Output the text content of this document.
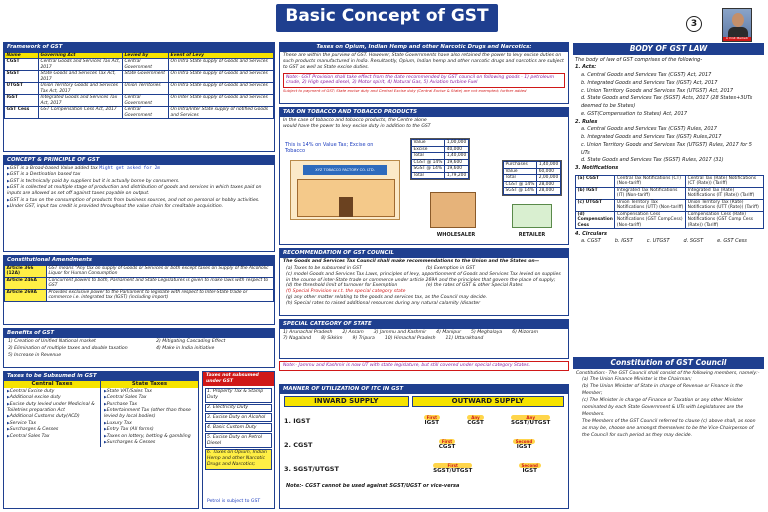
Basic Concept of GST	3
A Vinit Marketr
Framework of GST
Name	Governing Act	Levied by	Event of Levy
CGST	Central Goods and Services Tax Act, 2017	Central Government	On Intra State supply of Goods and Services
SGST	State Goods and Services Tax Act, 2017	State Government	On Intra State supply of Goods and Services
UTGST	Union Territory Goods and Services Tax Act, 2017	Union Territories	On Intra State supply of Goods and Services
IGST	Integrated Goods and Services Tax Act, 2017	Central Government	On Inter State supply of Goods and Services
GST Cess	GST Compensation Cess Act, 2017	Central Government	On Intra/Inter State supply of notified Goods and Services
CONCEPT & PRINCIPLE OF GST
▶ GST is a Broad-based Value added tax Might get asked for 2m
▶ GST is a Destination based tax
▶ GST is technically paid by suppliers but it is actually borne by consumers.
▶ GST is collected at multiple stage of production and distribution of goods and services in which taxes paid on inputs are allowed as set off against taxes payable on output.
▶ GST is a tax on the consumption of products from business sources, and not on personal or hobby activities.
▶ Under GST, input tax credit is provided throughout the value chain for creditable acquisition.
Constitutional Amendments
Article 366 (12A)	GST means "Any tax on supply of Goods or Services or both except taxes on Supply of the Alcoholic Liquor for Human Consumption
Article 246A	Concurrent powers to both, Parliament and State Legislatures is given to make laws with respect to GST
Article 269A	Provides exclusive power to the Parliament to legislate with respect to Inter-State trade or commerce i.e. integrated tax (IGST) (including import)
Benefits of GST
1) Creation of Unified National market	2) Mitigating Cascading Effect
3) Elimination of multiple taxes and double taxation	4) Make in India initiative
5) Increase in Revenue
Taxes to be Subsumed in GST
Central Taxes
▶ Central Excise duty
▶ Additional excise duty
▶ Excise duty levied under Medicinal & Toiletries preparation Act
▶ Additional Customs duty(ACD)
▶ Service Tax
▶ Surcharges & Cesses
▶ Central Sales Tax
State Taxes
▶ State VAT/Sales Tax
▶ Central Sales Tax
▶ Purchase Tax
▶ Entertainment Tax (other than those levied by local bodies)
▶ Luxury Tax
▶ Entry Tax (All forms)
▶ Taxes on lottery, betting & gambling
▶ Surcharges & Cesses
Taxes not subsumed under GST
1. Property Tax & Stamp Duty
2. Electricity Duty
3. Excise Duty on Alcohol
4. Basic Custom Duty
5. Excise Duty on Petrol Diesel
6. Taxes on Opium, Indian Hemp and other Narcotic Drugs and Narcotics;
Petrol is subject to GST
Taxes on Opium, Indian Hemp and other Narcotic Drugs and Narcotics:
These are within the purview of GST. However, State Governments have also retained the power to levy excise duties on such products manufactured in India. Resultantly, Opium, Indian hemp and other narcotic drugs and narcotics are subject to GST as well as State excise duties.
Note:- GST Provision shall take effect from the date recommended by GST council on following goods - 1) petroleum crude, 2) High speed diesel, 3) Motor spirit, 4) Natural Gas, 5) Aviation turbine Fuel
Subject to payment of GST; State excise duty and Central Excise duty (Central Excise & State) are not exempted; further added
TAX ON TOBACCO AND TOBACCO PRODUCTS
In the case of tobacco and tobacco products, the Centre alone would have the power to levy excise duty in addition to the GST
This is 14% on Value Tax; Excise on Tobacco
XYZ TOBACCO FACTORY CO. LTD.
Value	1,00,000
Excise	40,000
Total	1,40,000
CGST @ 14%	19,600
SGST @ 14%	19,600
Total	1,79,200
WHOLESALER
Purchases	1,40,000
Value	60,000
Total	2,00,000
CGST @ 14%	28,000
SGST @ 14%	28,000
RETAILER
RECOMMENDATION OF GST COUNCIL
The Goods and Services Tax Council shall make recommendations to the Union and the States on—
(a) Taxes to be subsumed in GST	(b) Exemption in GST
(c) model Goods and Services Tax Laws, principles of levy, apportionment of Goods and Services Tax levied on supplies in the course of inter-State trade or commerce under article 269A and the principles that govern the place of supply;
(d) the threshold limit of turnover for Exemption	(e) the rates of GST & other Special Rates
(f) Special Provision w.r.t. the special category state
(g) any other matter relating to the goods and services tax, as the Council may decide.
(h) Special rates to raised additional resources during any natural calamity /disaster
SPECIAL CATEGORY OF STATE
1) Arunachal Pradesh 2) Assam 3) Jammu and Kashmir 4) Manipur 5) Meghalaya 6) Mizoram
7) Nagaland 8) Sikkim 9) Tripura 10) Himachal Pradesh 11) Uttarakhand
Note:- Jammu and Kashmir is now UT with state legislature, but still covered under special category States.
MANNER OF UTILIZATION OF ITC IN GST
INWARD SUPPLY	OUTWARD SUPPLY
1. IGST	First
IGST
Any
CGST
Any
SGST/UTGST
2. CGST	First
CGST
Second
IGST
3. SGST/UTGST	First
SGST/UTGST
Second
IGST
Note:- CGST cannot be used against SGST/UGST or vice-versa
BODY OF GST LAW
The body of law of GST comprises of the following-
1. Acts:
a. Central Goods and Services Tax (CGST) Act, 2017
b. Integrated Goods and Services Tax (IGST) Act, 2017
c. Union Territory Goods and Services Tax (UTGST) Act, 2017
d. State Goods and Services Tax (SGST) Acts, 2017 (28 States+3UTs deemed to be States)
e. GST(Compensation to States) Act, 2017
2. Rules
a. Central Goods and Services Tax (CGST) Rules, 2017
b. Integrated Goods and Services Tax (IGST) Rules,2017
c. Union Territory Goods and Services Tax (UTGST) Rules, 2017 for 5 UTs
d. State Goods and Services Tax (SGST) Rules, 2017 (31)
3. Notifications
(a) CGST	Central Tax Notifications (CT) (Non-tariff)	Central Tax (Rate) Notifications (CT (Rate)) (Tariff)
(b) IGST	Integrated Tax Notifications (IT) (Non-tariff)	Integrated Tax (Rate) Notifications (IT (Rate)) (Tariff)
(c) UTGST	Union Territory Tax Notifications (UTT) (Non-tariff)	Union Territory Tax (Rate) Notifications (UTT (Rate)) (Tariff)
(d) Compensation Cess	Compensation Cess Notifications (GST CompCess) (Non-tariff)	Compensation Cess (Rate) Notifications (GST Comp Cess (Rate)) (Tariff)
4. Circulars
a. CGST	b. IGST	c. UTGST	d. SGST	e. GST Cess
Constitution of GST Council
Constitution:- The GST Council shall consist of the following members, namely:-
(a) The Union Finance Minister is the Chairman;
(b) The Union Minister of State in charge of Revenue or Finance is the Member;
(c) The Minister in charge of Finance or Taxation or any other Minister nominated by each State Government & UTs with Legislatures are the Members.
The Members of the GST Council referred to clause (c) above shall, as soon as may be, choose one amongst themselves to be the Vice-Chairperson of the Council for such period as they may decide.
